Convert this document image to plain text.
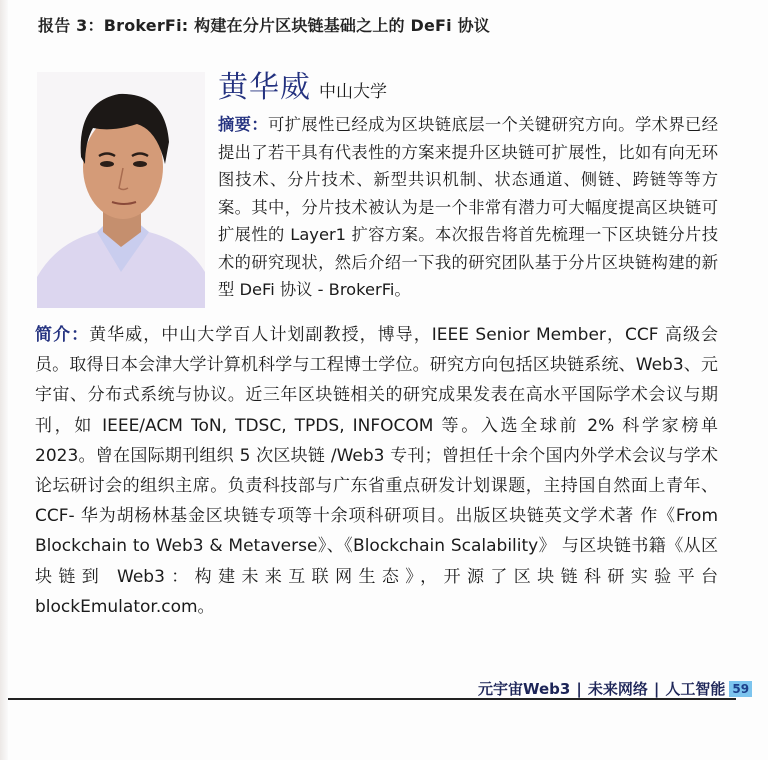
报告 3：BrokerFi: 构建在分片区块链基础之上的 DeFi 协议
黄华威 中山大学
摘要：可扩展性已经成为区块链底层一个关键研究方向。学术界已经提出了若干具有代表性的方案来提升区块链可扩展性，比如有向无环图技术、分片技术、新型共识机制、状态通道、侧链、跨链等等方案。其中，分片技术被认为是一个非常有潜力可大幅度提高区块链可扩展性的 Layer1 扩容方案。本次报告将首先梳理一下区块链分片技术的研究现状，然后介绍一下我的研究团队基于分片区块链构建的新型 DeFi 协议 - BrokerFi。
简介：黄华威，中山大学百人计划副教授，博导，IEEE Senior Member，CCF 高级会员。取得日本会津大学计算机科学与工程博士学位。研究方向包括区块链系统、Web3、元宇宙、分布式系统与协议。近三年区块链相关的研究成果发表在高水平国际学术会议与期刊，如 IEEE/ACM ToN, TDSC, TPDS, INFOCOM 等。入选全球前 2% 科学家榜单 2023。曾在国际期刊组织 5 次区块链 /Web3 专刊；曾担任十余个国内外学术会议与学术论坛研讨会的组织主席。负责科技部与广东省重点研发计划课题，主持国自然面上青年、CCF- 华为胡杨林基金区块链专项等十余项科研项目。出版区块链英文学术著 作《From Blockchain to Web3 & Metaverse》、《Blockchain Scalability》 与区块链书籍《从区块链到 Web3：构建未来互联网生态》，开源了区块链科研实验平台 blockEmulator.com。
元宇宙Web3 | 未来网络 | 人工智能 59
